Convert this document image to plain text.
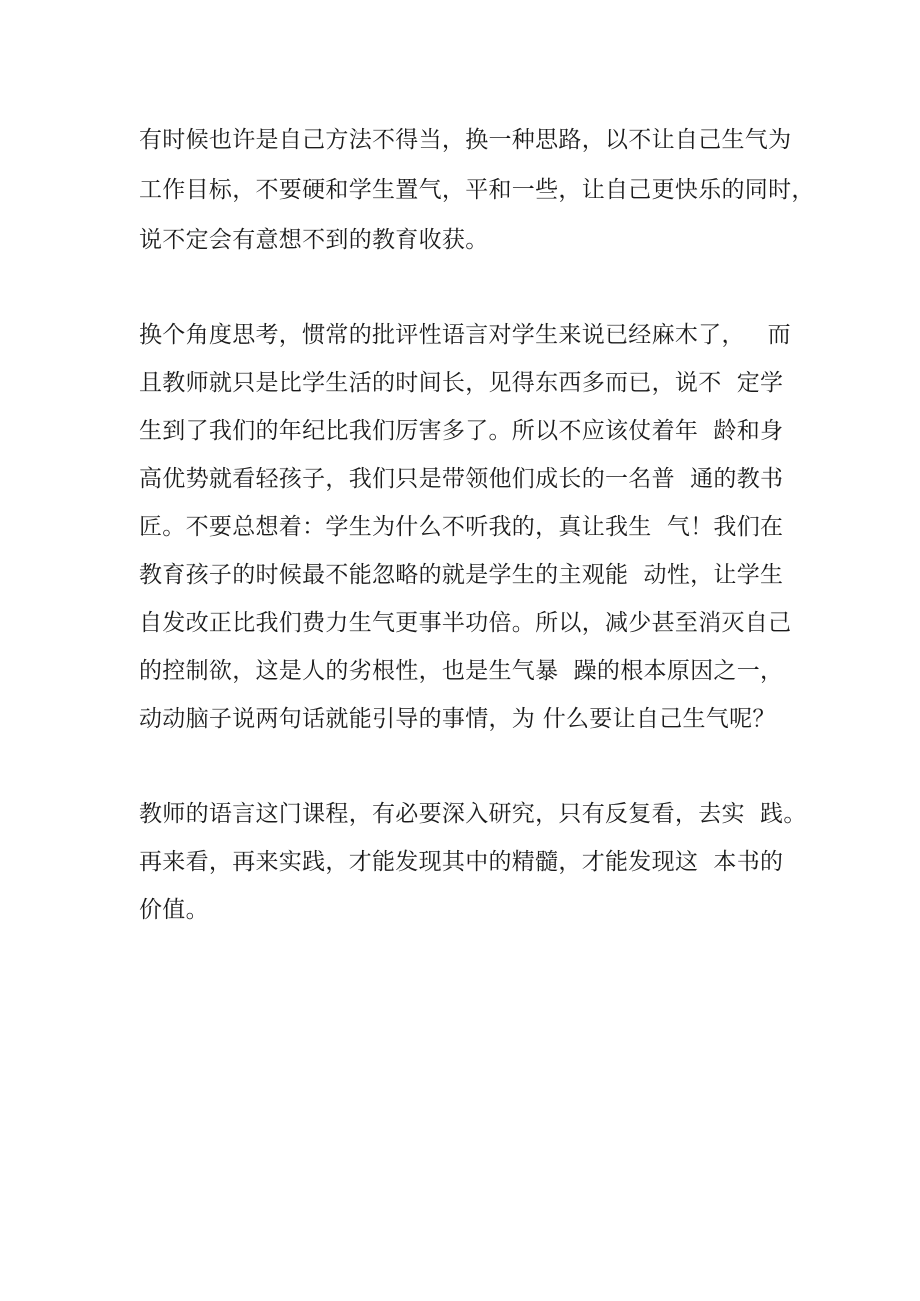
有时候也许是自己方法不得当，换一种思路，以不让自己生气为

工作目标，不要硬和学生置气，平和一些，让自己更快乐的同时，

说不定会有意想不到的教育收获。

换个角度思考，惯常的批评性语言对学生来说已经麻木了，   而

且教师就只是比学生活的时间长，见得东西多而已，说不  定学

生到了我们的年纪比我们厉害多了。所以不应该仗着年  龄和身

高优势就看轻孩子，我们只是带领他们成长的一名普  通的教书

匠。不要总想着：学生为什么不听我的，真让我生  气！我们在

教育孩子的时候最不能忽略的就是学生的主观能  动性，让学生

自发改正比我们费力生气更事半功倍。所以，减少甚至消灭自己

的控制欲，这是人的劣根性，也是生气暴  躁的根本原因之一，

动动脑子说两句话就能引导的事情，为 什么要让自己生气呢？

教师的语言这门课程，有必要深入研究，只有反复看，去实  践。

再来看，再来实践，才能发现其中的精髓，才能发现这  本书的

价值。
